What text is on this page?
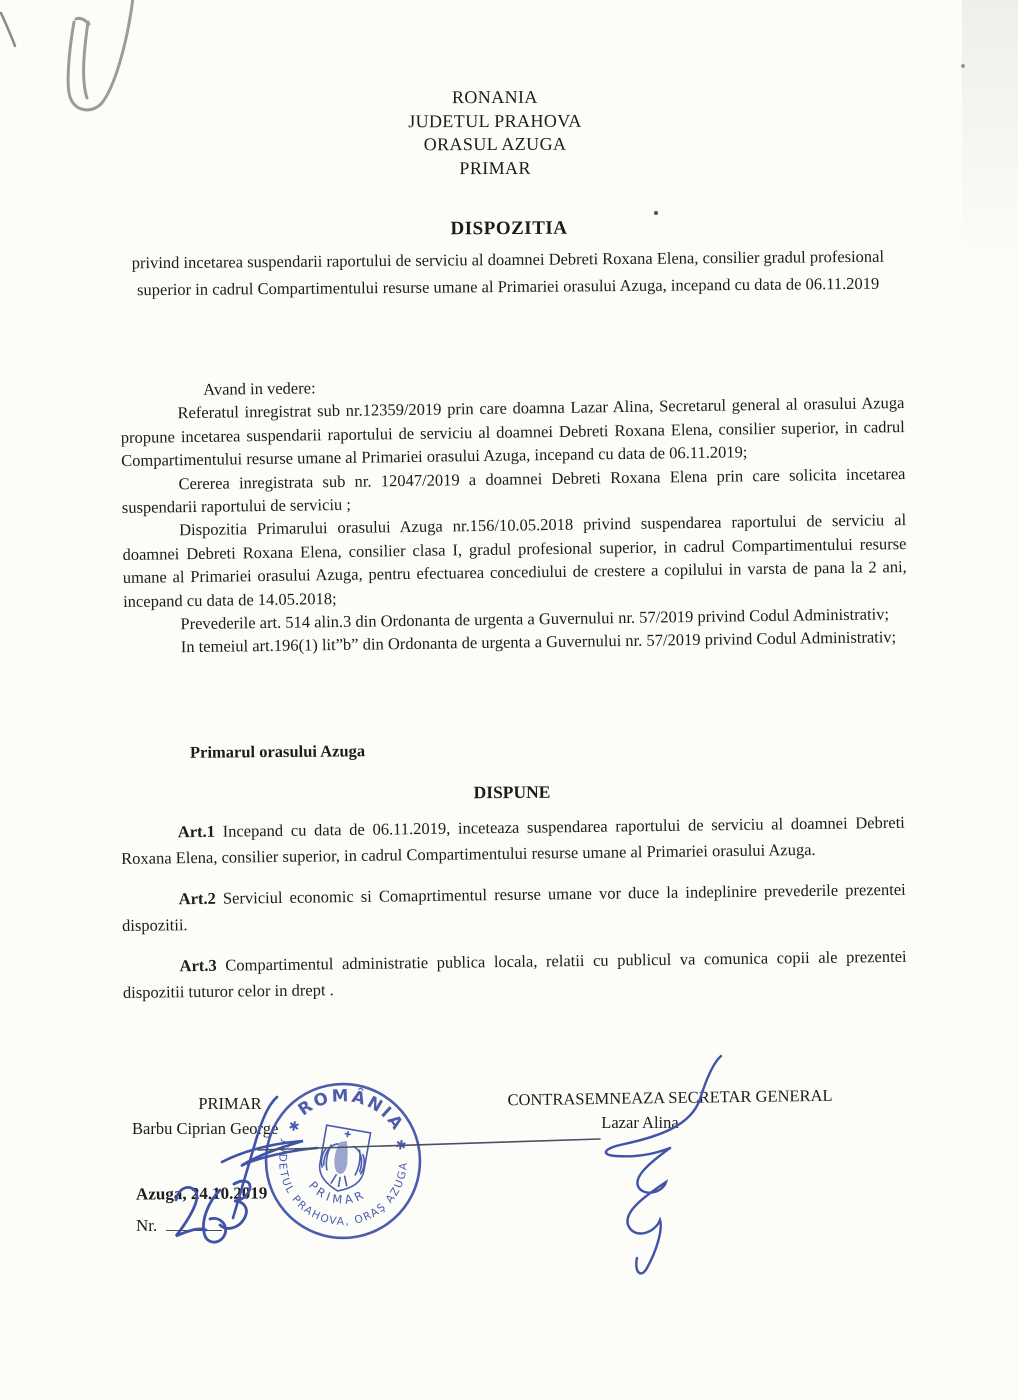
RONANIA
JUDETUL PRAHOVA
ORASUL AZUGA
PRIMAR
DISPOZITIA
privind incetarea suspendarii raportului de serviciu al doamnei Debreti Roxana Elena, consilier gradul profesional superior in cadrul Compartimentului resurse umane al Primariei orasului Azuga, incepand cu data de 06.11.2019

Avand in vedere:

Referatul inregistrat sub nr.12359/2019 prin care doamna Lazar Alina, Secretarul general al orasului Azuga propune incetarea suspendarii raportului de serviciu al doamnei Debreti Roxana Elena, consilier superior, in cadrul Compartimentului resurse umane al Primariei orasului Azuga, incepand cu data de 06.11.2019;

Cererea inregistrata sub nr. 12047/2019 a doamnei Debreti Roxana Elena prin care solicita incetarea suspendarii raportului de serviciu ;

Dispozitia Primarului orasului Azuga nr.156/10.05.2018 privind suspendarea raportului de serviciu al doamnei Debreti Roxana Elena, consilier clasa I, gradul profesional superior, in cadrul Compartimentului resurse umane al Primariei orasului Azuga, pentru efectuarea concediului de crestere a copilului in varsta de pana la 2 ani, incepand cu data de 14.05.2018;

Prevederile art. 514 alin.3 din Ordonanta de urgenta a Guvernului nr. 57/2019 privind Codul Administrativ;

In temeiul art.196(1) lit”b” din Ordonanta de urgenta a Guvernului nr. 57/2019 privind Codul Administrativ;

Primarul orasului Azuga
DISPUNE

Art.1 Incepand cu data de 06.11.2019, inceteaza suspendarea raportului de serviciu al doamnei Debreti Roxana Elena, consilier superior, in cadrul Compartimentului resurse umane al Primariei orasului Azuga.

Art.2 Serviciul economic si Comaprtimentul resurse umane vor duce la indeplinire prevederile prezentei dispozitii.

Art.3 Compartimentul administratie publica locala, relatii cu publicul va comunica copii ale prezentei dispozitii tuturor celor in drept .

PRIMAR
Barbu Ciprian George
CONTRASEMNEAZA SECRETAR GENERAL
Lazar Alina
Azuga, 24.10.2019
Nr.
ROMÂNIA
JUDETUL PRAHOVA, ORAŞ AZUGA
PRIMAR
✱
✱
